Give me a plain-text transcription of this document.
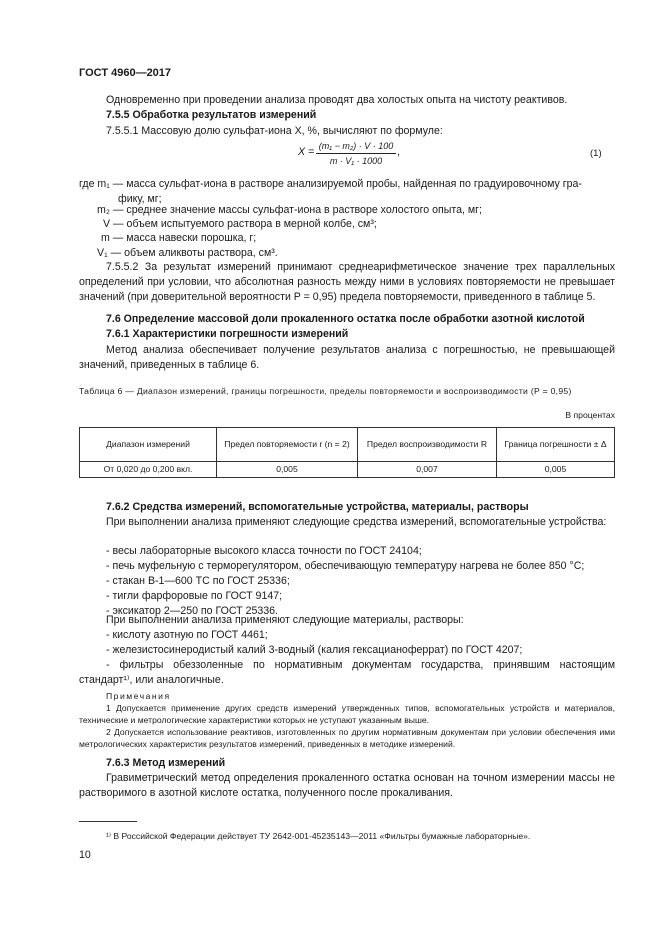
ГОСТ 4960—2017
Одновременно при проведении анализа проводят два холостых опыта на чистоту реактивов.
7.5.5 Обработка результатов измерений
7.5.5.1 Массовую долю сульфат-иона X, %, вычисляют по формуле:
X = (m₁ − m₂) · V · 100
m · V₁ · 1000
,	(1)
где m₁ — масса сульфат-иона в растворе анализируемой пробы, найденная по градуировочному гра-
фику, мг;
m₂ — среднее значение массы сульфат-иона в растворе холостого опыта, мг;
V — объем испытуемого раствора в мерной колбе, см³;
m — масса навески порошка, г;
V₁ — объем аликвоты раствора, см³.
7.5.5.2 За результат измерений принимают среднеарифметическое значение трех параллельных определений при условии, что абсолютная разность между ними в условиях повторяемости не превышает значений (при доверительной вероятности P = 0,95) предела повторяемости, приведенного в таблице 5.
7.6 Определение массовой доли прокаленного остатка после обработки азотной кислотой
7.6.1 Характеристики погрешности измерений
Метод анализа обеспечивает получение результатов анализа с погрешностью, не превышающей значений, приведенных в таблице 6.
Таблица 6 — Диапазон измерений, границы погрешности, пределы повторяемости и воспроизводимости (P = 0,95)
В процентах
Диапазон измерений	Предел повторяемости r (n = 2)	Предел воспроизводимости R	Граница погрешности ± Δ
От 0,020 до 0,200 вкл.	0,005	0,007	0,005
7.6.2 Средства измерений, вспомогательные устройства, материалы, растворы
При выполнении анализа применяют следующие средства измерений, вспомогательные устройства:
- весы лабораторные высокого класса точности по ГОСТ 24104;
- печь муфельную с терморегулятором, обеспечивающую температуру нагрева не более 850 °C;
- стакан В-1—600 ТС по ГОСТ 25336;
- тигли фарфоровые по ГОСТ 9147;
- эксикатор 2—250 по ГОСТ 25336.
При выполнении анализа применяют следующие материалы, растворы:
- кислоту азотную по ГОСТ 4461;
- железистосинеродистый калий 3-водный (калия гексацианоферрат) по ГОСТ 4207;
- фильтры обеззоленные по нормативным документам государства, принявшим настоящим стандарт¹⁾, или аналогичные.
Примечания
1 Допускается применение других средств измерений утвержденных типов, вспомогательных устройств и материалов, технические и метрологические характеристики которых не уступают указанным выше.
2 Допускается использование реактивов, изготовленных по другим нормативным документам при условии обеспечения ими метрологических характеристик результатов измерений, приведенных в методике измерений.
7.6.3 Метод измерений
Гравиметрический метод определения прокаленного остатка основан на точном измерении массы не растворимого в азотной кислоте остатка, полученного после прокаливания.
¹⁾ В Российской Федерации действует ТУ 2642-001-45235143—2011 «Фильтры бумажные лабораторные».
10
